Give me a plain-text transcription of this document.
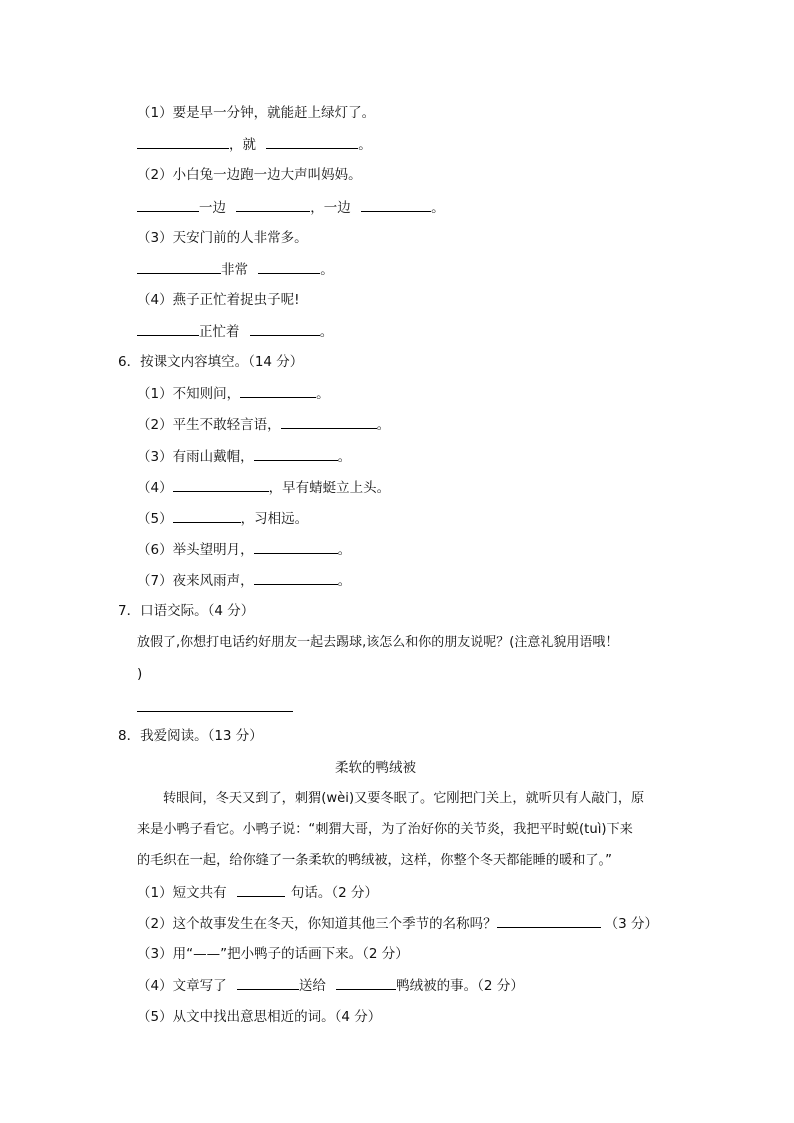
（1）要是早一分钟，就能赶上绿灯了。
，就	。
（2）小白兔一边跑一边大声叫妈妈。
一边	，一边	。
（3）天安门前的人非常多。
非常	。
（4）燕子正忙着捉虫子呢!
正忙着	。
6．按课文内容填空。（14 分）
（1）不知则问，	。
（2）平生不敢轻言语，	。
（3）有雨山戴帽，	。
（4）	，早有蜻蜓立上头。
（5）	，习相远。
（6）举头望明月，	。
（7）夜来风雨声，	。
7．口语交际。（4 分）
放假了,你想打电话约好朋友一起去踢球,该怎么和你的朋友说呢？(注意礼貌用语哦！
)
8．我爱阅读。（13 分）
柔软的鸭绒被
转眼间，冬天又到了，刺猬(wèi)又要冬眠了。它刚把门关上，就听贝有人敲门，原
来是小鸭子看它。小鸭子说：“刺猬大哥，为了治好你的关节炎，我把平时蜕(tuì)下来
的毛织在一起，给你缝了一条柔软的鸭绒被，这样，你整个冬天都能睡的暖和了。”
（1）短文共有	句话。（2 分）
（2）这个故事发生在冬天，你知道其他三个季节的名称吗？	（3 分）
（3）用“——”把小鸭子的话画下来。（2 分）
（4）文章写了	送给	鸭绒被的事。（2 分）
（5）从文中找出意思相近的词。（4 分）
